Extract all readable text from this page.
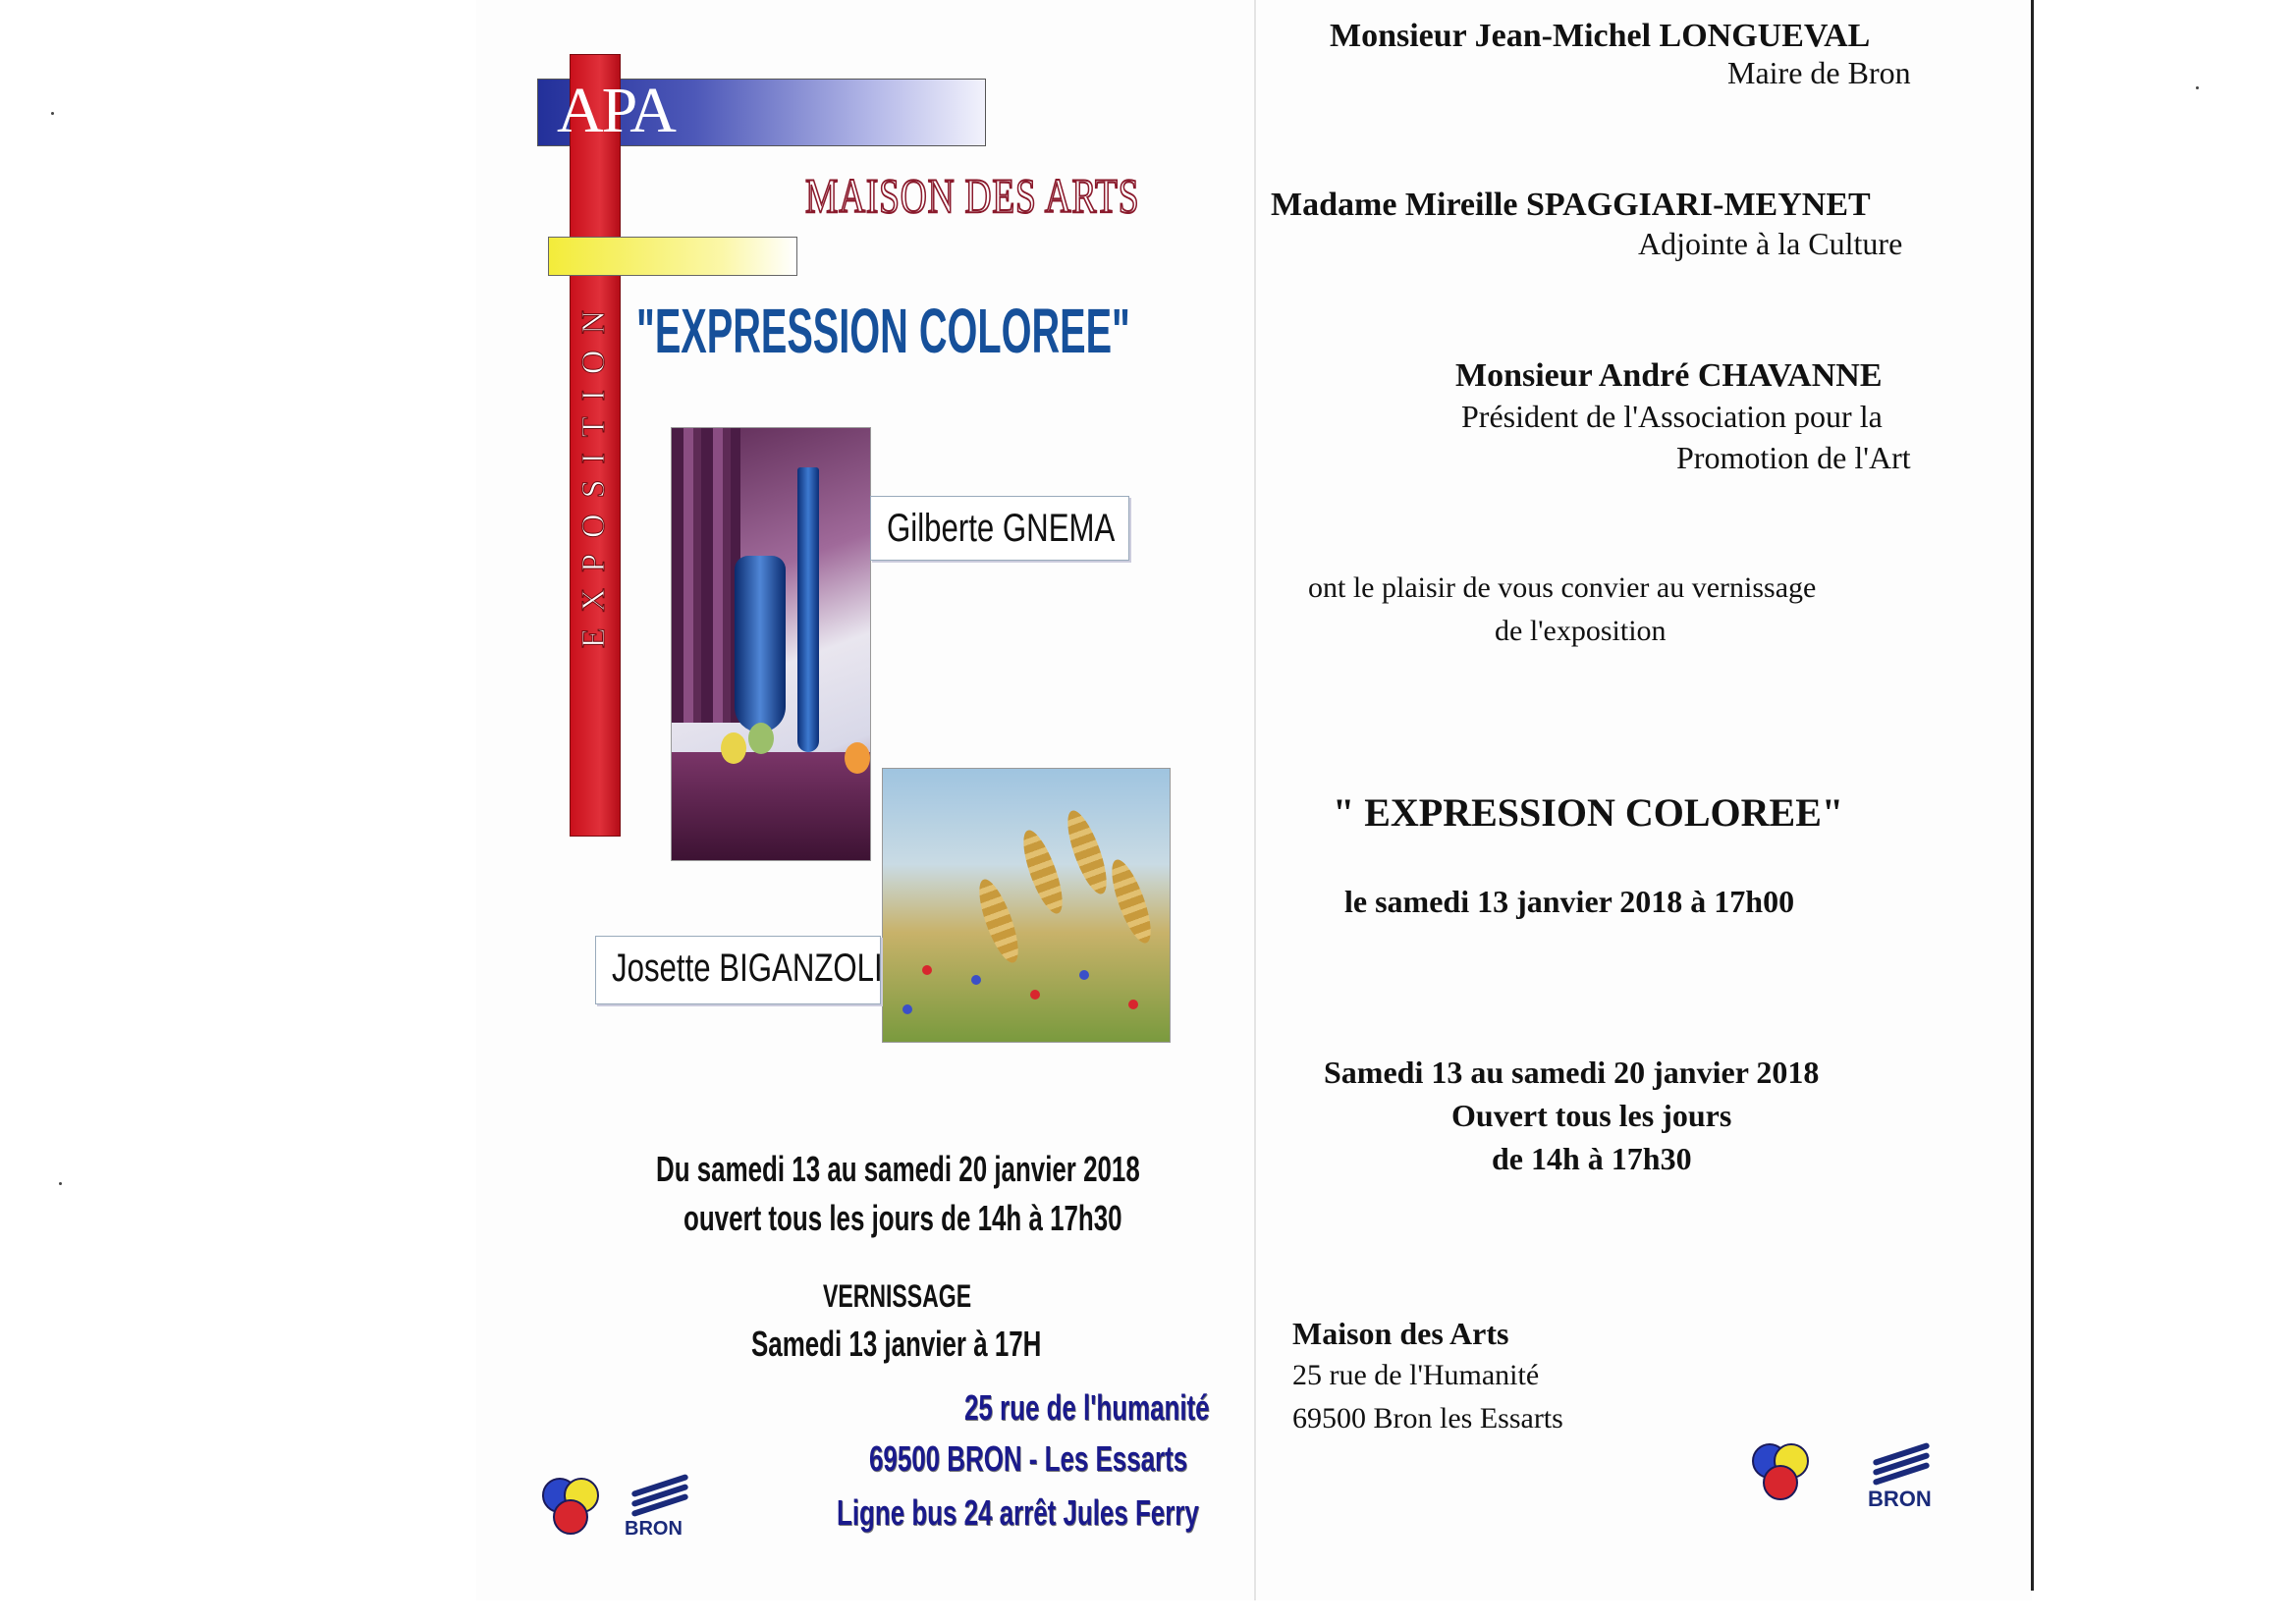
APA
EXPOSITION
MAISON DES ARTS
"EXPRESSION COLOREE"
Gilberte GNEMA
Josette BIGANZOLI
Du samedi 13 au samedi 20 janvier 2018
ouvert tous les jours de 14h à 17h30
VERNISSAGE
Samedi 13 janvier à 17H
25 rue de l'humanité
69500 BRON - Les Essarts
Ligne bus 24 arrêt Jules Ferry
BRON
Monsieur Jean-Michel LONGUEVAL
Maire de Bron
Madame Mireille SPAGGIARI-MEYNET
Adjointe à la Culture
Monsieur André CHAVANNE
Président de l'Association pour la
Promotion de l'Art
ont le plaisir de vous convier au vernissage
de l'exposition
" EXPRESSION COLOREE"
le samedi 13 janvier 2018 à 17h00
Samedi 13 au samedi 20 janvier 2018
Ouvert tous les jours
de 14h à 17h30
Maison des Arts
25 rue de l'Humanité
69500 Bron les Essarts
BRON
